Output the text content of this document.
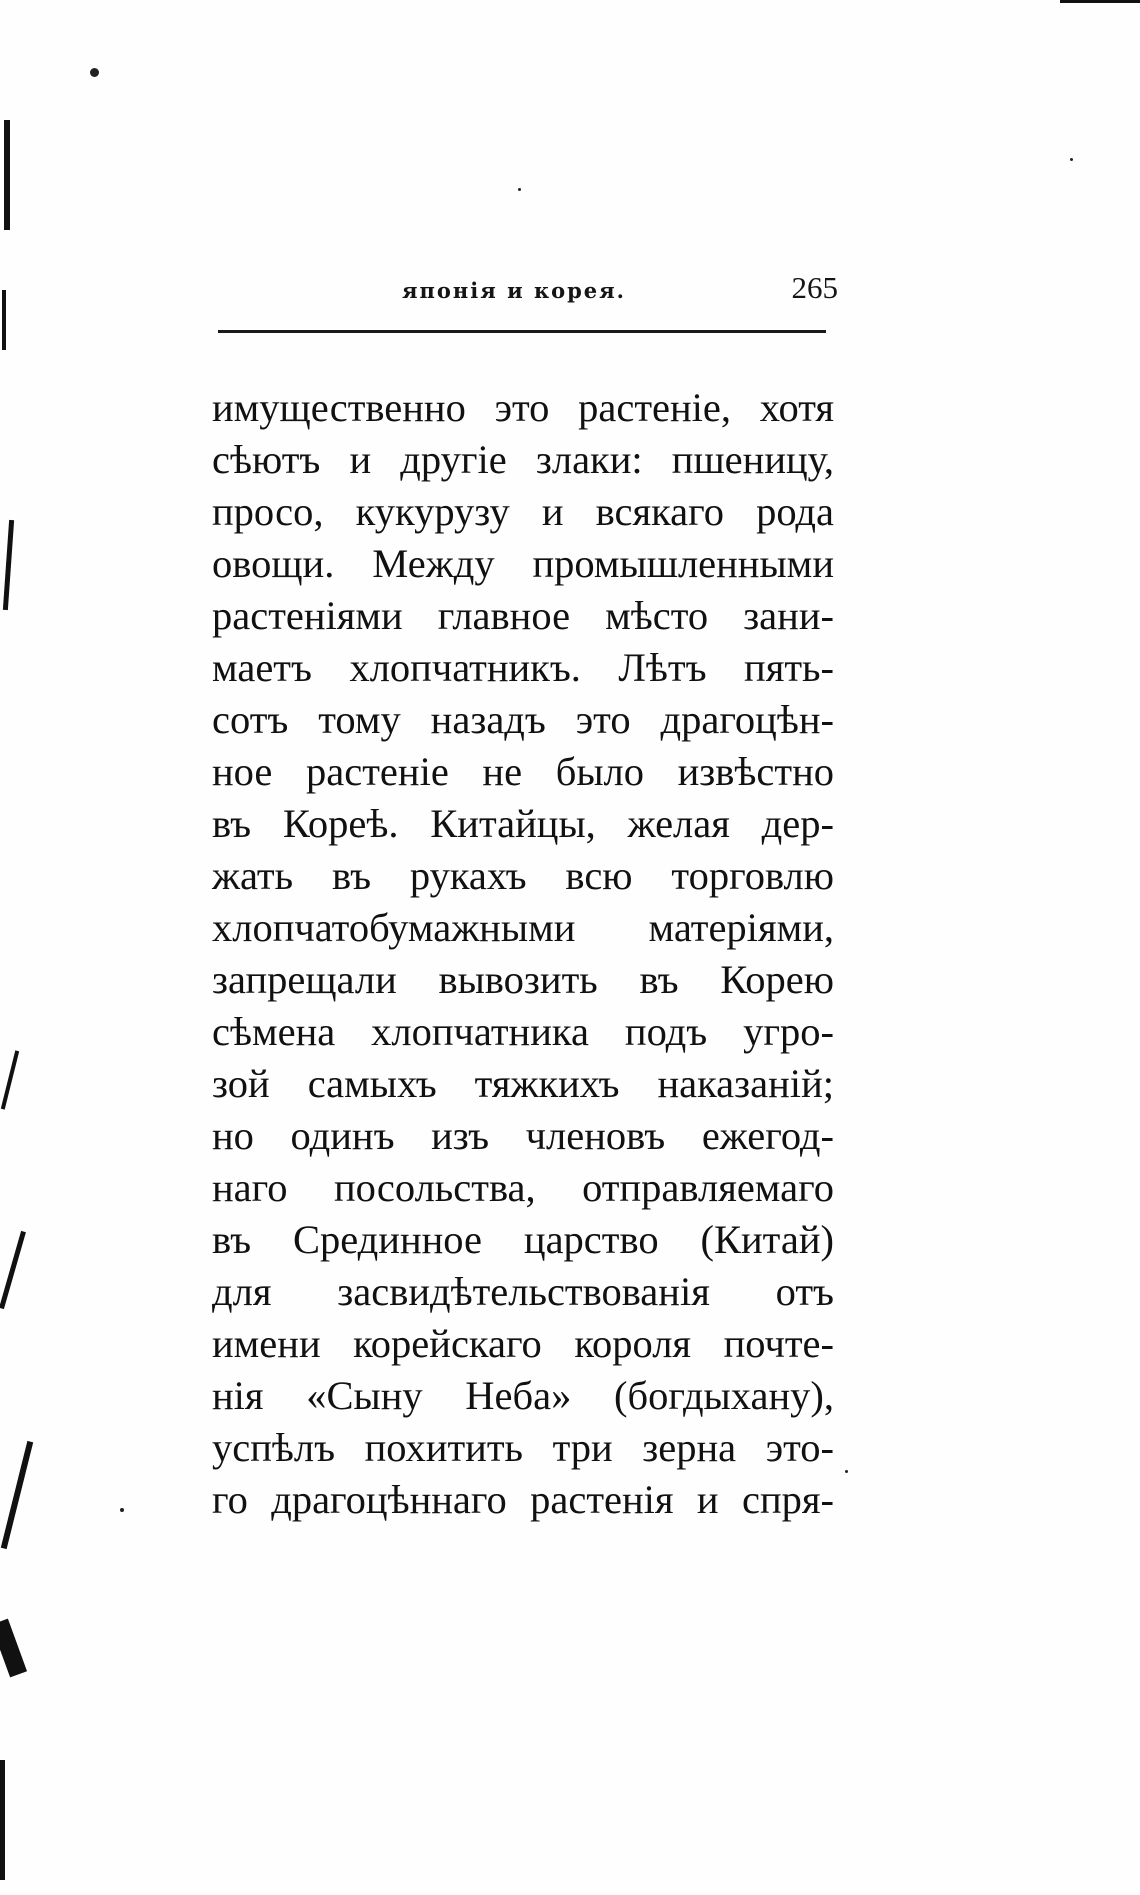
японія и корея.	265
имущественно это растеніе, хотя
сѣютъ и другіе злаки: пшеницу,
просо, кукурузу и всякаго рода
овощи. Между промышленными
растеніями главное мѣсто зани-
маетъ хлопчатникъ. Лѣтъ пять-
сотъ тому назадъ это драгоцѣн-
ное растеніе не было извѣстно
въ Кореѣ. Китайцы, желая дер-
жать въ рукахъ всю торговлю
хлопчатобумажными матеріями,
запрещали вывозить въ Корею
сѣмена хлопчатника подъ угро-
зой самыхъ тяжкихъ наказаній;
но одинъ изъ членовъ ежегод-
наго посольства, отправляемаго
въ Срединное царство (Китай)
для засвидѣтельствованія отъ
имени корейскаго короля почте-
нія «Сыну Неба» (богдыхану),
успѣлъ похитить три зерна это-
го драгоцѣннаго растенія и спря-
